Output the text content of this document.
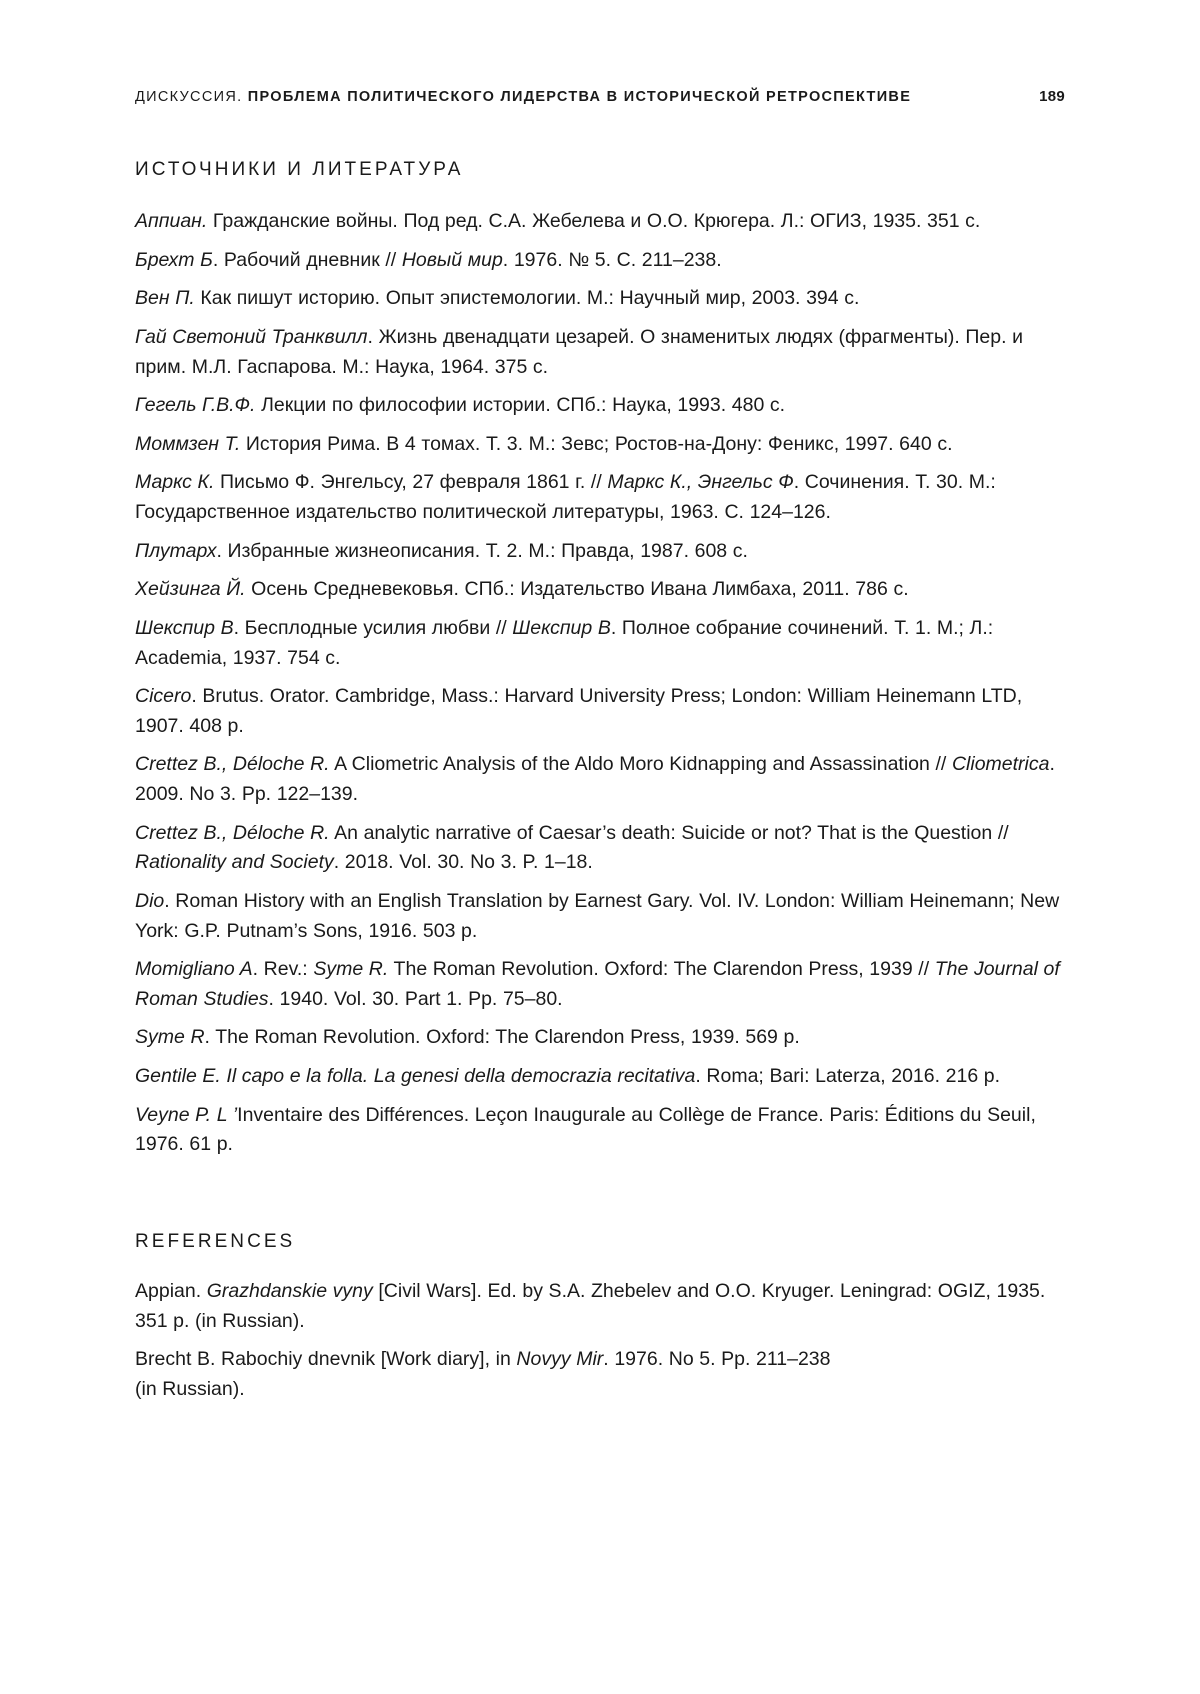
ДИСКУССИЯ. ПРОБЛЕМА ПОЛИТИЧЕСКОГО ЛИДЕРСТВА В ИСТОРИЧЕСКОЙ РЕТРОСПЕКТИВЕ	189
ИСТОЧНИКИ И ЛИТЕРАТУРА
Аппиан. Гражданские войны. Под ред. С.А. Жебелева и О.О. Крюгера. Л.: ОГИЗ, 1935. 351 с.
Брехт Б. Рабочий дневник // Новый мир. 1976. № 5. С. 211–238.
Вен П. Как пишут историю. Опыт эпистемологии. М.: Научный мир, 2003. 394 с.
Гай Светоний Транквилл. Жизнь двенадцати цезарей. О знаменитых людях (фрагменты). Пер. и прим. М.Л. Гаспарова. М.: Наука, 1964. 375 с.
Гегель Г.В.Ф. Лекции по философии истории. СПб.: Наука, 1993. 480 с.
Моммзен Т. История Рима. В 4 томах. Т. 3. М.: Зевс; Ростов-на-Дону: Феникс, 1997. 640 с.
Маркс К. Письмо Ф. Энгельсу, 27 февраля 1861 г. // Маркс К., Энгельс Ф. Сочинения. Т. 30. М.: Государственное издательство политической литературы, 1963. С. 124–126.
Плутарх. Избранные жизнеописания. Т. 2. М.: Правда, 1987. 608 с.
Хейзинга Й. Осень Средневековья. СПб.: Издательство Ивана Лимбаха, 2011. 786 с.
Шекспир В. Бесплодные усилия любви // Шекспир В. Полное собрание сочинений. Т. 1. М.; Л.: Academia, 1937. 754 с.
Cicero. Brutus. Orator. Cambridge, Mass.: Harvard University Press; London: William Heinemann LTD, 1907. 408 p.
Crettez B., Déloche R. A Cliometric Analysis of the Aldo Moro Kidnapping and Assassination // Cliometrica. 2009. No 3. Pp. 122–139.
Crettez B., Déloche R. An analytic narrative of Caesar’s death: Suicide or not? That is the Question // Rationality and Society. 2018. Vol. 30. No 3. P. 1–18.
Dio. Roman History with an English Translation by Earnest Gary. Vol. IV. London: William Heinemann; New York: G.P. Putnam’s Sons, 1916. 503 p.
Momigliano A. Rev.: Syme R. The Roman Revolution. Oxford: The Clarendon Press, 1939 // The Journal of Roman Studies. 1940. Vol. 30. Part 1. Pp. 75–80.
Syme R. The Roman Revolution. Oxford: The Clarendon Press, 1939. 569 p.
Gentile E. Il capo e la folla. La genesi della democrazia recitativa. Roma; Bari: Laterza, 2016. 216 p.
Veyne P. L ’Inventaire des Différences. Leçon Inaugurale au Collège de France. Paris: Éditions du Seuil, 1976. 61 p.
REFERENCES
Appian. Grazhdanskie vyny [Civil Wars]. Ed. by S.A. Zhebelev and O.O. Kryuger. Leningrad: OGIZ, 1935. 351 p. (in Russian).
Brecht B. Rabochiy dnevnik [Work diary], in Novyy Mir. 1976. No 5. Pp. 211–238
(in Russian).
